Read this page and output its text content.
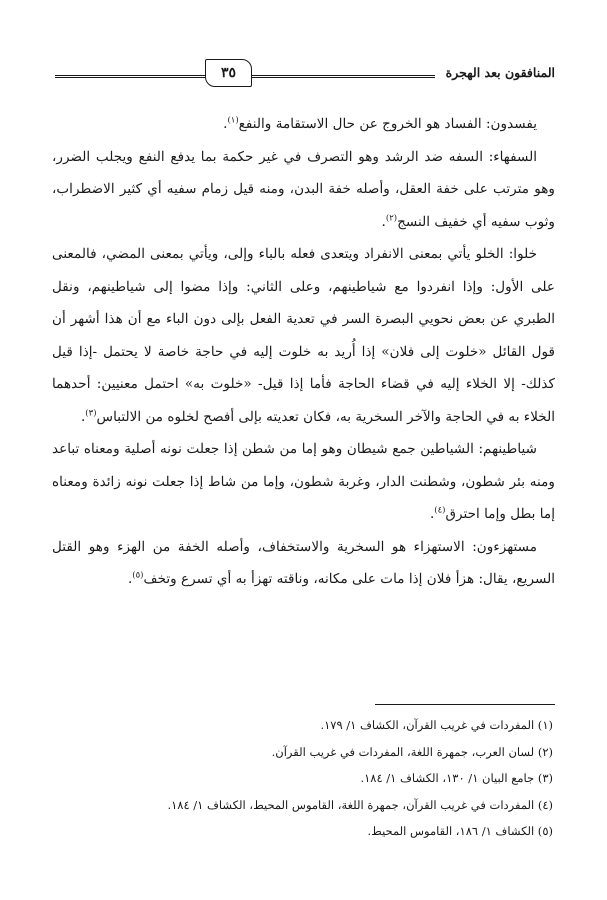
المنافقون بعد الهجرة
٣٥

يفسدون: الفساد هو الخروج عن حال الاستقامة والنفع$^{(١)}$.

السفهاء: السفه ضد الرشد وهو التصرف في غير حكمة بما يدفع النفع ويجلب الضرر، وهو مترتب على خفة العقل، وأصله خفة البدن، ومنه قيل زمام سفيه أي كثير الاضطراب، وثوب سفيه أي خفيف النسج$^{(٢)}$.

خلوا: الخلو يأتي بمعنى الانفراد ويتعدى فعله بالباء وإلى، ويأتي بمعنى المضي، فالمعنى على الأول: وإذا انفردوا مع شياطينهم، وعلى الثاني: وإذا مضوا إلى شياطينهم، ونقل الطبري عن بعض نحويي البصرة السر في تعدية الفعل بإلى دون الباء مع أن هذا أشهر أن قول القائل «خلوت إلى فلان» إذا أُريد به خلوت إليه في حاجة خاصة لا يحتمل -إذا قيل كذلك- إلا الخلاء إليه في قضاء الحاجة فأما إذا قيل- «خلوت به» احتمل معنيين: أحدهما الخلاء به في الحاجة والآخر السخرية به، فكان تعديته بإلى أفصح لخلوه من الالتباس$^{(٣)}$.

شياطينهم: الشياطين جمع شيطان وهو إما من شطن إذا جعلت نونه أصلية ومعناه تباعد ومنه بئر شطون، وشطنت الدار، وغربة شطون، وإما من شاط إذا جعلت نونه زائدة ومعناه إما بطل وإما احترق$^{(٤)}$.

مستهزءون: الاستهزاء هو السخرية والاستخفاف، وأصله الخفة من الهزء وهو القتل السريع، يقال: هزأ فلان إذا مات على مكانه، وناقته تهزأ به أي تسرع وتخف$^{(٥)}$.

(١) المفردات في غريب القرآن، الكشاف ١/ ١٧٩.

(٢) لسان العرب، جمهرة اللغة، المفردات في غريب القرآن.

(٣) جامع البيان ١/ ١٣٠، الكشاف ١/ ١٨٤.

(٤) المفردات في غريب القرآن، جمهرة اللغة، القاموس المحيط، الكشاف ١/ ١٨٤.

(٥) الكشاف ١/ ١٨٦، القاموس المحيط.
